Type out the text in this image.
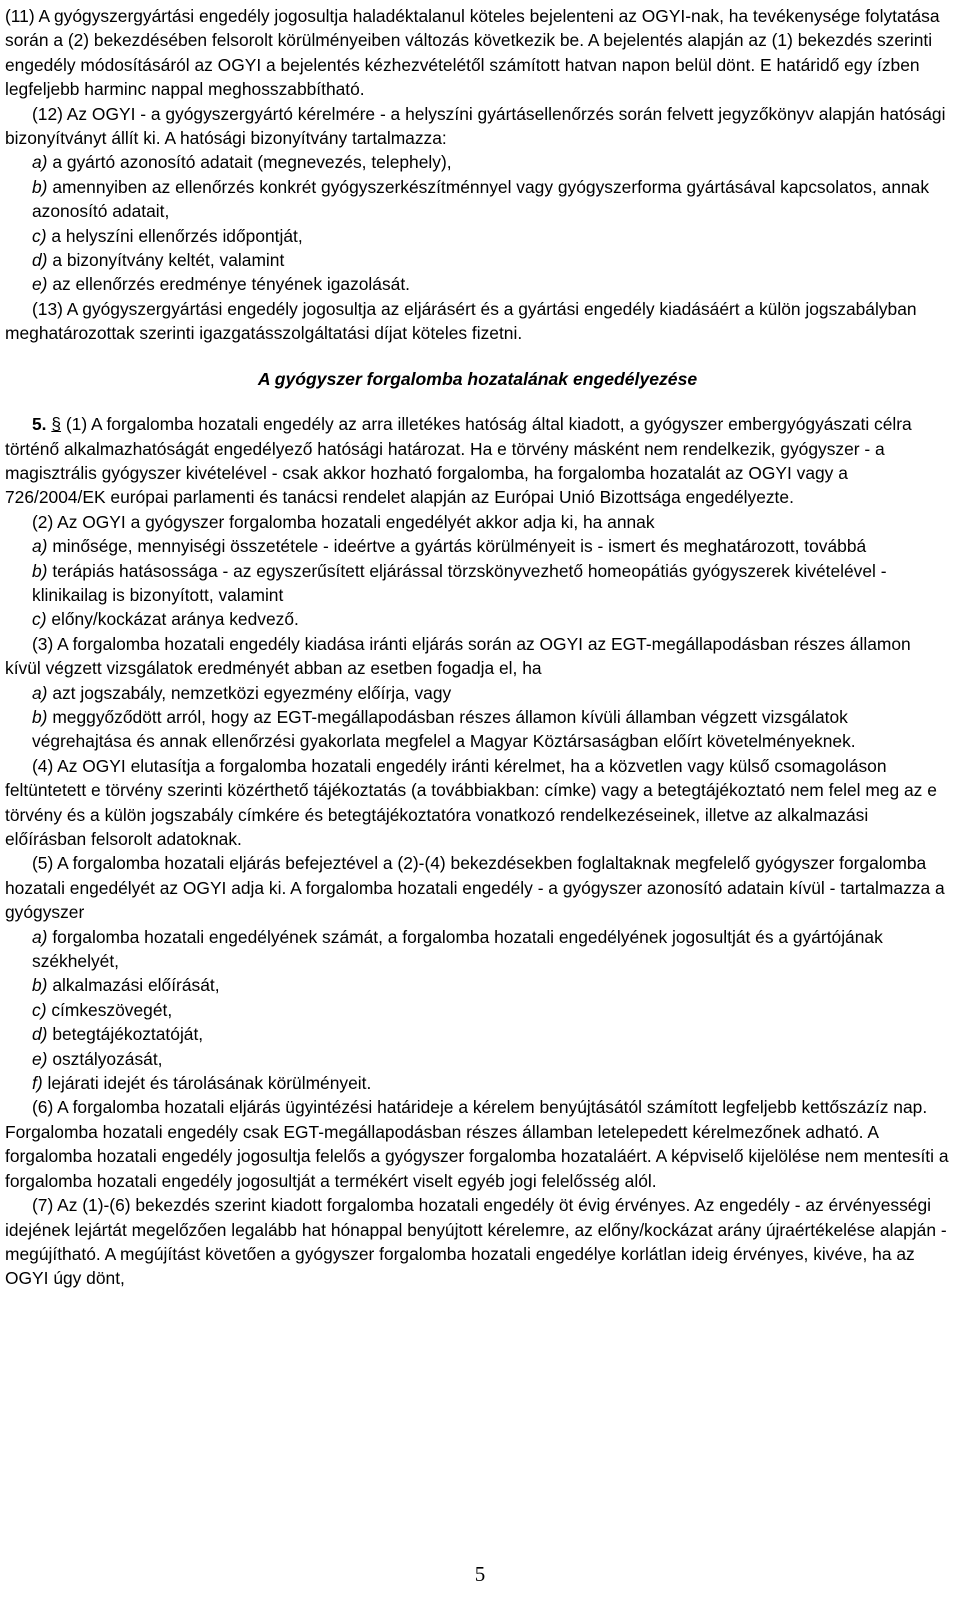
(11) A gyógyszergyártási engedély jogosultja haladéktalanul köteles bejelenteni az OGYI-nak, ha tevékenysége folytatása során a (2) bekezdésében felsorolt körülményeiben változás következik be. A bejelentés alapján az (1) bekezdés szerinti engedély módosításáról az OGYI a bejelentés kézhezvételétől számított hatvan napon belül dönt. E határidő egy ízben legfeljebb harminc nappal meghosszabbítható.

(12) Az OGYI - a gyógyszergyártó kérelmére - a helyszíni gyártásellenőrzés során felvett jegyzőkönyv alapján hatósági bizonyítványt állít ki. A hatósági bizonyítvány tartalmazza:

a) a gyártó azonosító adatait (megnevezés, telephely),

b) amennyiben az ellenőrzés konkrét gyógyszerkészítménnyel vagy gyógyszerforma gyártásával kapcsolatos, annak azonosító adatait,

c) a helyszíni ellenőrzés időpontját,

d) a bizonyítvány keltét, valamint

e) az ellenőrzés eredménye tényének igazolását.

(13) A gyógyszergyártási engedély jogosultja az eljárásért és a gyártási engedély kiadásáért a külön jogszabályban meghatározottak szerinti igazgatásszolgáltatási díjat köteles fizetni.

A gyógyszer forgalomba hozatalának engedélyezése

5. § (1) A forgalomba hozatali engedély az arra illetékes hatóság által kiadott, a gyógyszer embergyógyászati célra történő alkalmazhatóságát engedélyező hatósági határozat. Ha e törvény másként nem rendelkezik, gyógyszer - a magisztrális gyógyszer kivételével - csak akkor hozható forgalomba, ha forgalomba hozatalát az OGYI vagy a 726/2004/EK európai parlamenti és tanácsi rendelet alapján az Európai Unió Bizottsága engedélyezte.

(2) Az OGYI a gyógyszer forgalomba hozatali engedélyét akkor adja ki, ha annak

a) minősége, mennyiségi összetétele - ideértve a gyártás körülményeit is - ismert és meghatározott, továbbá

b) terápiás hatásossága - az egyszerűsített eljárással törzskönyvezhető homeopátiás gyógyszerek kivételével - klinikailag is bizonyított, valamint

c) előny/kockázat aránya kedvező.

(3) A forgalomba hozatali engedély kiadása iránti eljárás során az OGYI az EGT-megállapodásban részes államon kívül végzett vizsgálatok eredményét abban az esetben fogadja el, ha

a) azt jogszabály, nemzetközi egyezmény előírja, vagy

b) meggyőződött arról, hogy az EGT-megállapodásban részes államon kívüli államban végzett vizsgálatok végrehajtása és annak ellenőrzési gyakorlata megfelel a Magyar Köztársaságban előírt követelményeknek.

(4) Az OGYI elutasítja a forgalomba hozatali engedély iránti kérelmet, ha a közvetlen vagy külső csomagoláson feltüntetett e törvény szerinti közérthető tájékoztatás (a továbbiakban: címke) vagy a betegtájékoztató nem felel meg az e törvény és a külön jogszabály címkére és betegtájékoztatóra vonatkozó rendelkezéseinek, illetve az alkalmazási előírásban felsorolt adatoknak.

(5) A forgalomba hozatali eljárás befejeztével a (2)-(4) bekezdésekben foglaltaknak megfelelő gyógyszer forgalomba hozatali engedélyét az OGYI adja ki. A forgalomba hozatali engedély - a gyógyszer azonosító adatain kívül - tartalmazza a gyógyszer

a) forgalomba hozatali engedélyének számát, a forgalomba hozatali engedélyének jogosultját és a gyártójának székhelyét,

b) alkalmazási előírását,

c) címkeszövegét,

d) betegtájékoztatóját,

e) osztályozását,

f) lejárati idejét és tárolásának körülményeit.

(6) A forgalomba hozatali eljárás ügyintézési határideje a kérelem benyújtásától számított legfeljebb kettőszázíz nap. Forgalomba hozatali engedély csak EGT-megállapodásban részes államban letelepedett kérelmezőnek adható. A forgalomba hozatali engedély jogosultja felelős a gyógyszer forgalomba hozataláért. A képviselő kijelölése nem mentesíti a forgalomba hozatali engedély jogosultját a termékért viselt egyéb jogi felelősség alól.

(7) Az (1)-(6) bekezdés szerint kiadott forgalomba hozatali engedély öt évig érvényes. Az engedély - az érvényességi idejének lejártát megelőzően legalább hat hónappal benyújtott kérelemre, az előny/kockázat arány újraértékelése alapján - megújítható. A megújítást követően a gyógyszer forgalomba hozatali engedélye korlátlan ideig érvényes, kivéve, ha az OGYI úgy dönt,

5
